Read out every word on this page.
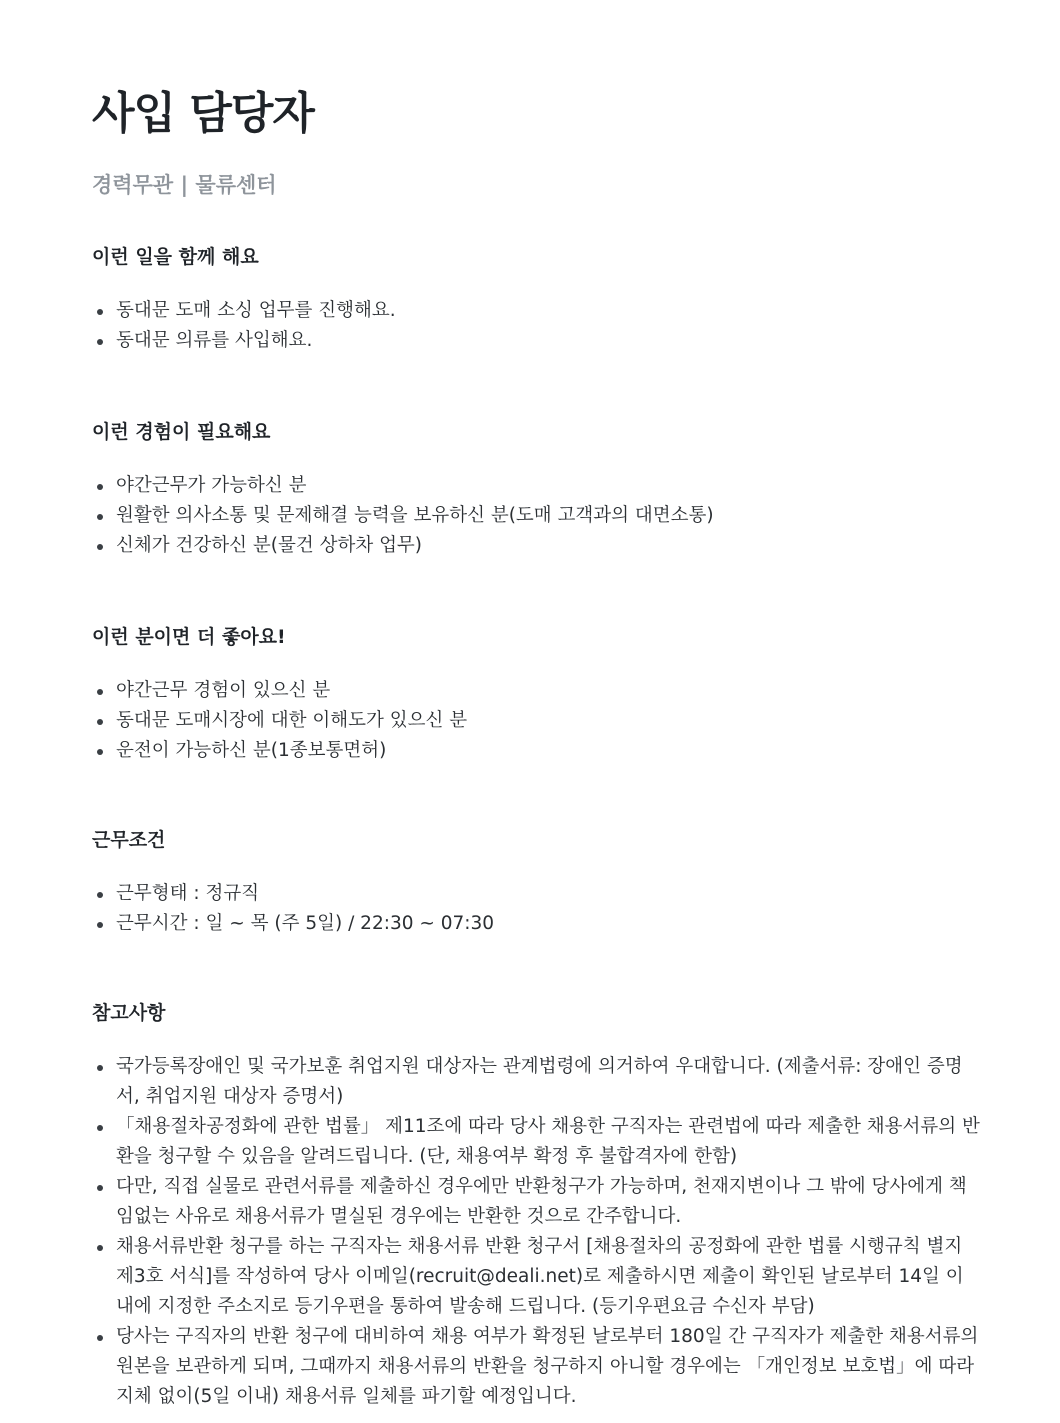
사입 담당자
경력무관 | 물류센터
이런 일을 함께 해요
동대문 도매 소싱 업무를 진행해요.
동대문 의류를 사입해요.
이런 경험이 필요해요
야간근무가 가능하신 분
원활한 의사소통 및 문제해결 능력을 보유하신 분(도매 고객과의 대면소통)
신체가 건강하신 분(물건 상하차 업무)
이런 분이면 더 좋아요!
야간근무 경험이 있으신 분
동대문 도매시장에 대한 이해도가 있으신 분
운전이 가능하신 분(1종보통면허)
근무조건
근무형태 : 정규직
근무시간 : 일 ~ 목 (주 5일) / 22:30 ~ 07:30
참고사항
국가등록장애인 및 국가보훈 취업지원 대상자는 관계법령에 의거하여 우대합니다. (제출서류: 장애인 증명서, 취업지원 대상자 증명서)
「채용절차공정화에 관한 법률」 제11조에 따라 당사 채용한 구직자는 관련법에 따라 제출한 채용서류의 반환을 청구할 수 있음을 알려드립니다. (단, 채용여부 확정 후 불합격자에 한함)
다만, 직접 실물로 관련서류를 제출하신 경우에만 반환청구가 가능하며, 천재지변이나 그 밖에 당사에게 책임없는 사유로 채용서류가 멸실된 경우에는 반환한 것으로 간주합니다.
채용서류반환 청구를 하는 구직자는 채용서류 반환 청구서 [채용절차의 공정화에 관한 법률 시행규칙 별지 제3호 서식]를 작성하여 당사 이메일(recruit@deali.net)로 제출하시면 제출이 확인된 날로부터 14일 이내에 지정한 주소지로 등기우편을 통하여 발송해 드립니다. (등기우편요금 수신자 부담)
당사는 구직자의 반환 청구에 대비하여 채용 여부가 확정된 날로부터 180일 간 구직자가 제출한 채용서류의 원본을 보관하게 되며, 그때까지 채용서류의 반환을 청구하지 아니할 경우에는 「개인정보 보호법」에 따라 지체 없이(5일 이내) 채용서류 일체를 파기할 예정입니다.
